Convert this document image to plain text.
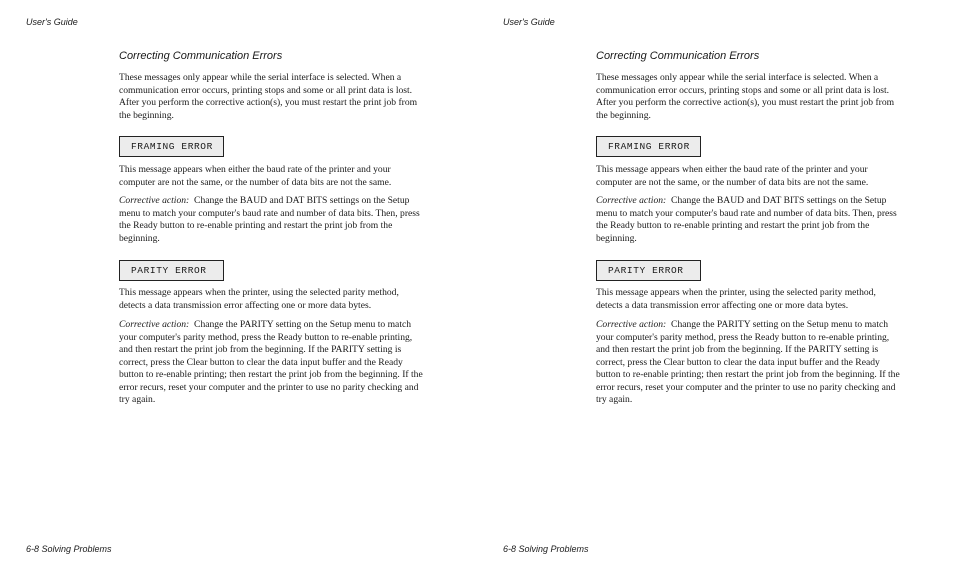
User's Guide
Correcting Communication Errors

These messages only appear while the serial interface is selected. When a communication error occurs, printing stops and some or all print data is lost. After you perform the corrective action(s), you must restart the print job from the beginning.

FRAMING ERROR

This message appears when either the baud rate of the printer and your computer are not the same, or the number of data bits are not the same.

Corrective action: Change the BAUD and DAT BITS settings on the Setup menu to match your computer's baud rate and number of data bits. Then, press the Ready button to re-enable printing and restart the print job from the beginning.

PARITY ERROR

This message appears when the printer, using the selected parity method, detects a data transmission error affecting one or more data bytes.

Corrective action: Change the PARITY setting on the Setup menu to match your computer's parity method, press the Ready button to re-enable printing, and then restart the print job from the beginning. If the PARITY setting is correct, press the Clear button to clear the data input buffer and the Ready button to re-enable printing; then restart the print job from the beginning. If the error recurs, reset your computer and the printer to use no parity checking and try again.

6-8 Solving Problems
User's Guide
Correcting Communication Errors

These messages only appear while the serial interface is selected. When a communication error occurs, printing stops and some or all print data is lost. After you perform the corrective action(s), you must restart the print job from the beginning.

FRAMING ERROR

This message appears when either the baud rate of the printer and your computer are not the same, or the number of data bits are not the same.

Corrective action: Change the BAUD and DAT BITS settings on the Setup menu to match your computer's baud rate and number of data bits. Then, press the Ready button to re-enable printing and restart the print job from the beginning.

PARITY ERROR

This message appears when the printer, using the selected parity method, detects a data transmission error affecting one or more data bytes.

Corrective action: Change the PARITY setting on the Setup menu to match your computer's parity method, press the Ready button to re-enable printing, and then restart the print job from the beginning. If the PARITY setting is correct, press the Clear button to clear the data input buffer and the Ready button to re-enable printing; then restart the print job from the beginning. If the error recurs, reset your computer and the printer to use no parity checking and try again.

6-8 Solving Problems
